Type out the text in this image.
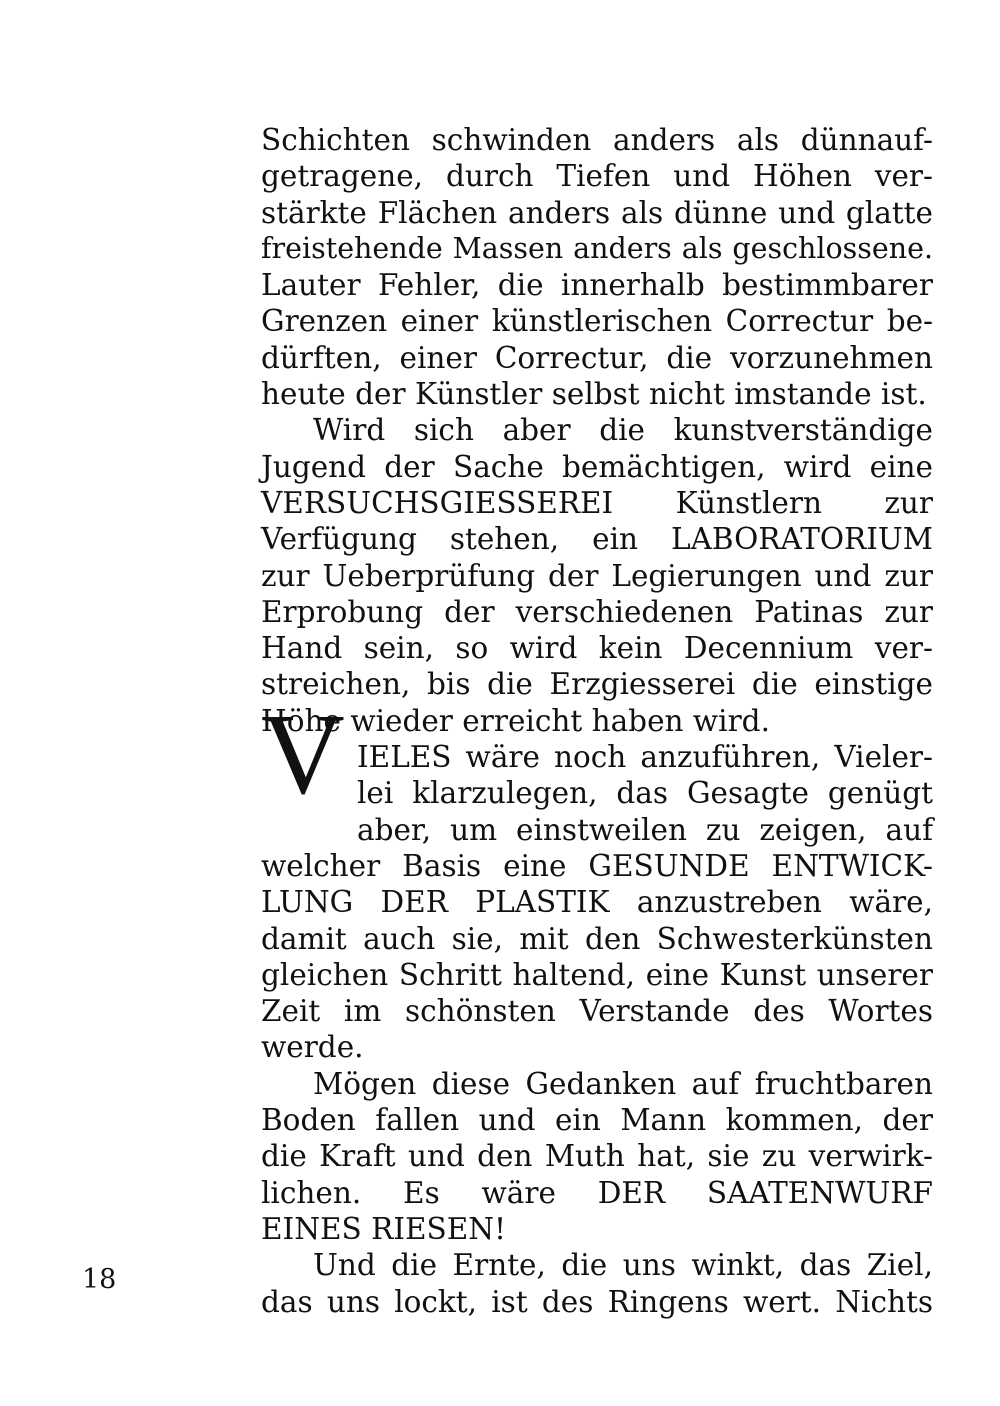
Schichten schwinden anders als dünnauf-
getragene, durch Tiefen und Höhen ver-
stärkte Flächen anders als dünne und glatte
freistehende Massen anders als geschlossene.
Lauter Fehler, die innerhalb bestimmbarer
Grenzen einer künstlerischen Correctur be-
dürften, einer Correctur, die vorzunehmen
heute der Künstler selbst nicht imstande ist.
Wird sich aber die kunstverständige
Jugend der Sache bemächtigen, wird eine
VERSUCHSGIESSEREI Künstlern zur
Verfügung stehen, ein LABORATORIUM
zur Ueberprüfung der Legierungen und zur
Erprobung der verschiedenen Patinas zur
Hand sein, so wird kein Decennium ver-
streichen, bis die Erzgiesserei die einstige
Höhe wieder erreicht haben wird.
IELES wäre noch anzuführen, Vieler-
lei klarzulegen, das Gesagte genügt
aber, um einstweilen zu zeigen, auf
welcher Basis eine GESUNDE ENTWICK-
LUNG DER PLASTIK anzustreben wäre,
damit auch sie, mit den Schwesterkünsten
gleichen Schritt haltend, eine Kunst unserer
Zeit im schönsten Verstande des Wortes
werde.
Mögen diese Gedanken auf fruchtbaren
Boden fallen und ein Mann kommen, der
die Kraft und den Muth hat, sie zu verwirk-
lichen. Es wäre DER SAATENWURF
EINES RIESEN!
Und die Ernte, die uns winkt, das Ziel,
das uns lockt, ist des Ringens wert. Nichts
V
18
